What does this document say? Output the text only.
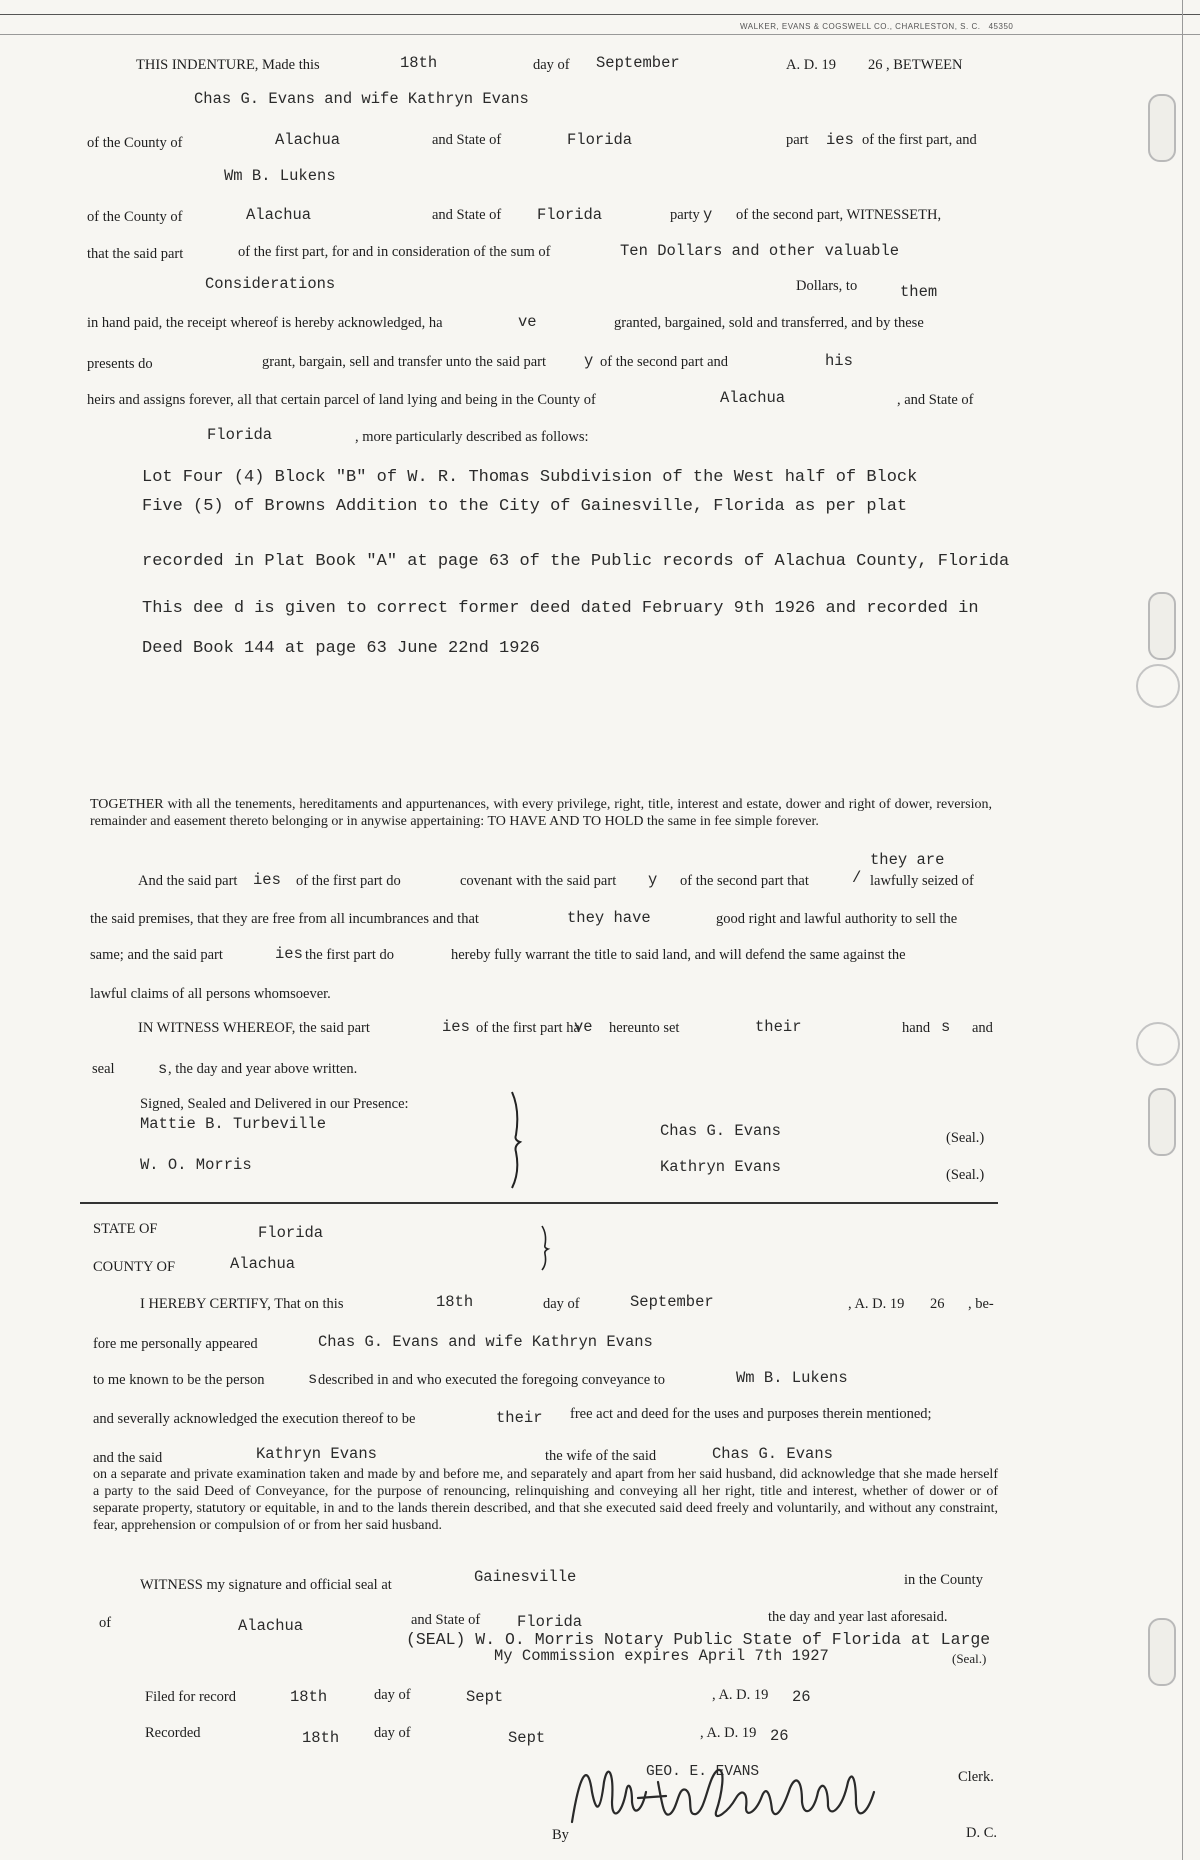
WALKER, EVANS & COGSWELL CO., CHARLESTON, S. C. 45350
THIS INDENTURE, Made this	18th	day of September	A. D. 19 26 , BETWEEN
Chas G. Evans and wife Kathryn Evans
of the County of	Alachua	and State of	Florida	part ies of the first part, and
Wm B. Lukens
of the County of	Alachua	and State of Florida	party y of the second part, WITNESSETH,
that the said part	of the first part, for and in consideration of the sum of	Ten Dollars and other valuable
Considerations	Dollars, to	them
in hand paid, the receipt whereof is hereby acknowledged, ha	ve	granted, bargained, sold and transferred, and by these
presents do	grant, bargain, sell and transfer unto the said part y of the second part and	his
heirs and assigns forever, all that certain parcel of land lying and being in the County of	Alachua	, and State of
Florida	, more particularly described as follows:
Lot Four (4) Block "B" of W. R. Thomas Subdivision of the West half of Block
Five (5) of Browns Addition to the City of Gainesville, Florida as per plat
recorded in Plat Book "A" at page 63 of the Public records of Alachua County, Florida
This dee d is given to correct former deed dated February 9th 1926 and recorded in
Deed Book 144 at page 63 June 22nd 1926
TOGETHER with all the tenements, hereditaments and appurtenances, with every privilege, right, title, interest and estate, dower and right of dower, reversion, remainder and easement thereto belonging or in anywise appertaining: TO HAVE AND TO HOLD the same in fee simple forever.
they are
And the said part ies of the first part do	covenant with the said part y of the second part that	/ lawfully seized of
the said premises, that they are free from all incumbrances and that	they have	good right and lawful authority to sell the
same; and the said part	ies the first part do	hereby fully warrant the title to said land, and will defend the same against the
lawful claims of all persons whomsoever.
IN WITNESS WHEREOF, the said part	ies of the first part ha
ve hereunto set	their	hand s and
seal	s , the day and year above written.
Signed, Sealed and Delivered in our Presence:
Mattie B. Turbeville
W. O. Morris
Chas G. Evans
Kathryn Evans
(Seal.)
(Seal.)
STATE OF	Florida
COUNTY OF	Alachua
I HEREBY CERTIFY, That on this	18th	day of	September	, A. D. 19 26 , be-
fore me personally appeared	Chas G. Evans and wife Kathryn Evans
to me known to be the person	s described in and who executed the foregoing conveyance to	Wm B. Lukens
and severally acknowledged the execution thereof to be	their free act and deed for the uses and purposes therein mentioned;
and the said	Kathryn Evans	the wife of the said	Chas G. Evans
on a separate and private examination taken and made by and before me, and separately and apart from her said husband, did acknowledge that she made herself a party to the said Deed of Conveyance, for the purpose of renouncing, relinquishing and conveying all her right, title and interest, whether of dower or of separate property, statutory or equitable, in and to the lands therein described, and that she executed said deed freely and voluntarily, and without any constraint, fear, apprehension or compulsion of or from her said husband.
WITNESS my signature and official seal at	Gainesville	in the County
of	Alachua	and State of Florida	the day and year last aforesaid.
(SEAL) W. O. Morris Notary Public State of Florida at Large
My Commission expires April 7th 1927	(Seal.)
Filed for record	18th	day of	Sept	, A. D. 19 26
Recorded	18th day of	Sept	, A. D. 19 26
GEO. E. EVANS	Clerk.
By	D. C.
